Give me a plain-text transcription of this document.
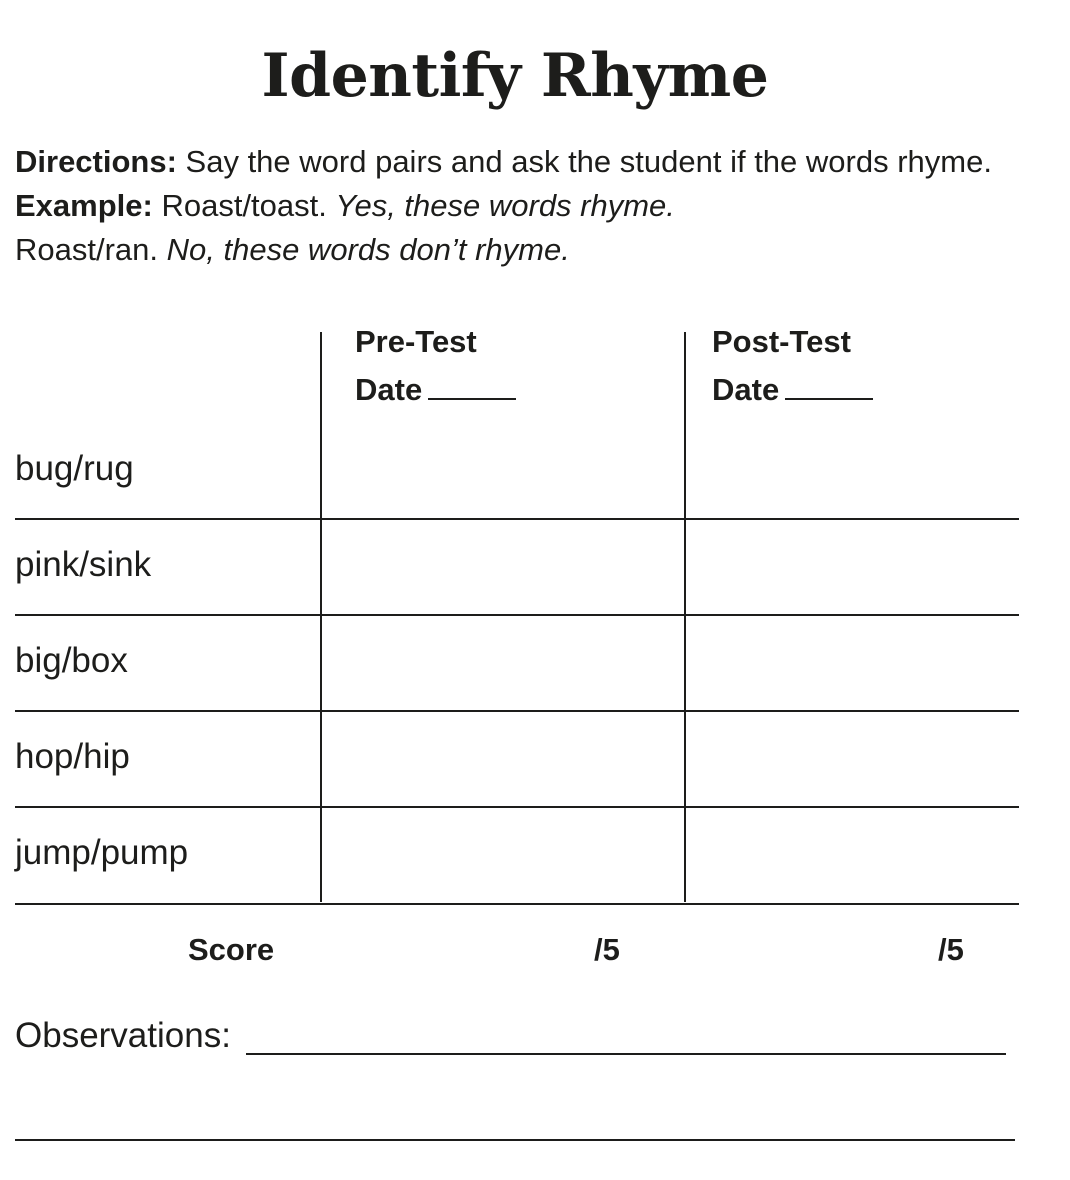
Identify Rhyme
Directions: Say the word pairs and ask the student if the words rhyme. Example: Roast/toast. Yes, these words rhyme.
Roast/ran. No, these words don’t rhyme.
Pre-Test
Date
Post-Test
Date
bug/rug
pink/sink
big/box
hop/hip
jump/pump
Score	/5	/5
Observations:
